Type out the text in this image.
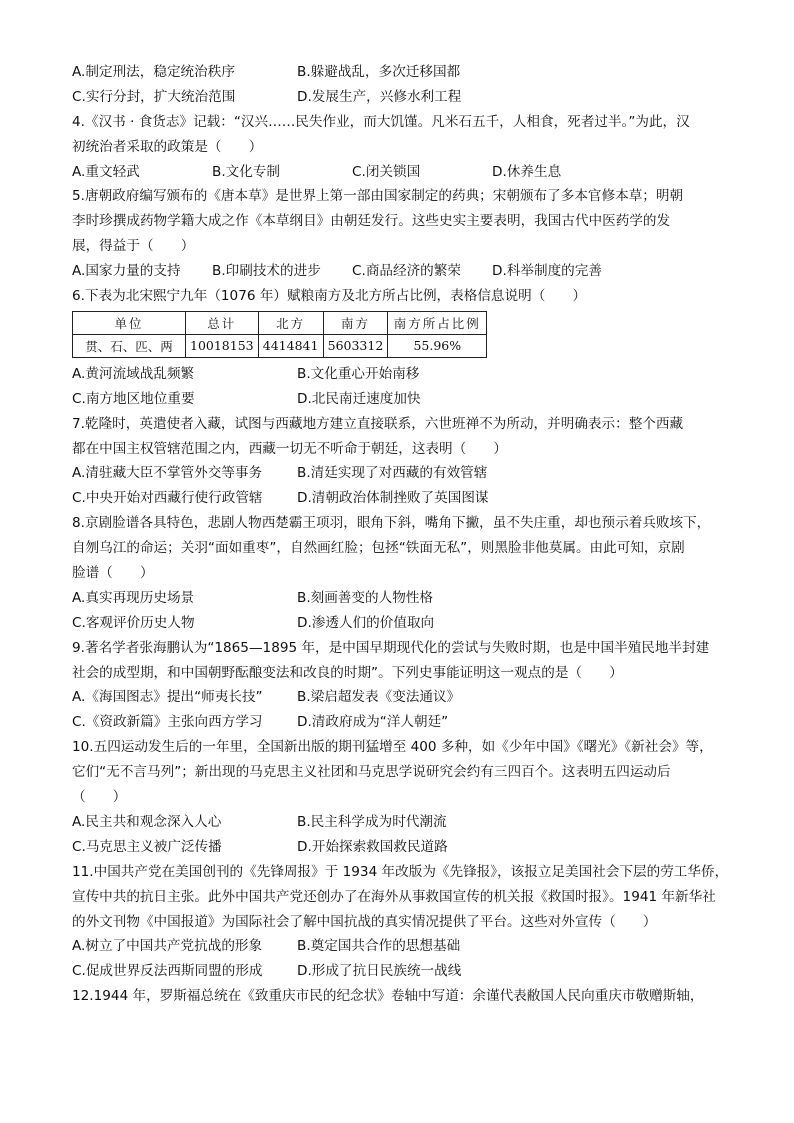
A.制定刑法，稳定统治秩序	B.躲避战乱，多次迁移国都
C.实行分封，扩大统治范围	D.发展生产，兴修水利工程
4.《汉书 · 食货志》记载：“汉兴……民失作业，而大饥馑。凡米石五千，人相食，死者过半。”为此，汉
初统治者采取的政策是（　　）
A.重文轻武	B.文化专制	C.闭关锁国	D.休养生息
5.唐朝政府编写颁布的《唐本草》是世界上第一部由国家制定的药典；宋朝颁布了多本官修本草；明朝
李时珍撰成药物学籍大成之作《本草纲目》由朝廷发行。这些史实主要表明，我国古代中医药学的发
展，得益于（　　）
A.国家力量的支持	B.印刷技术的进步	C.商品经济的繁荣	D.科举制度的完善
6.下表为北宋熙宁九年（1076 年）赋粮南方及北方所占比例，表格信息说明（　　）
单位	总计	北方	南方	南方所占比例
贯、石、匹、两	10018153	4414841	5603312	55.96%
A.黄河流域战乱频繁	B.文化重心开始南移
C.南方地区地位重要	D.北民南迁速度加快
7.乾隆时，英遣使者入藏，试图与西藏地方建立直接联系，六世班禅不为所动，并明确表示：整个西藏
都在中国主权管辖范围之内，西藏一切无不听命于朝廷，这表明（　　）
A.清驻藏大臣不掌管外交等事务	B.清廷实现了对西藏的有效管辖
C.中央开始对西藏行使行政管辖	D.清朝政治体制挫败了英国图谋
8.京剧脸谱各具特色，悲剧人物西楚霸王项羽，眼角下斜，嘴角下撇，虽不失庄重，却也预示着兵败垓下，
自刎乌江的命运；关羽“面如重枣”，自然画红脸；包拯“铁面无私”，则黑脸非他莫属。由此可知，京剧
脸谱（　　）
A.真实再现历史场景	B.刻画善变的人物性格
C.客观评价历史人物	D.渗透人们的价值取向
9.著名学者张海鹏认为“1865—1895 年，是中国早期现代化的尝试与失败时期，也是中国半殖民地半封建
社会的成型期，和中国朝野酝酿变法和改良的时期”。下列史事能证明这一观点的是（　　）
A.《海国图志》提出“师夷长技”	B.梁启超发表《变法通议》
C.《资政新篇》主张向西方学习	D.清政府成为“洋人朝廷”
10.五四运动发生后的一年里，全国新出版的期刊猛增至 400 多种，如《少年中国》《曙光》《新社会》等，
它们“无不言马列”；新出现的马克思主义社团和马克思学说研究会约有三四百个。这表明五四运动后
（　　）
A.民主共和观念深入人心	B.民主科学成为时代潮流
C.马克思主义被广泛传播	D.开始探索救国救民道路
11.中国共产党在美国创刊的《先锋周报》于 1934 年改版为《先锋报》，该报立足美国社会下层的劳工华侨，
宣传中共的抗日主张。此外中国共产党还创办了在海外从事救国宣传的机关报《救国时报》。1941 年新华社
的外文刊物《中国报道》为国际社会了解中国抗战的真实情况提供了平台。这些对外宣传（　　）
A.树立了中国共产党抗战的形象	B.奠定国共合作的思想基础
C.促成世界反法西斯同盟的形成	D.形成了抗日民族统一战线
12.1944 年，罗斯福总统在《致重庆市民的纪念状》卷轴中写道：余谨代表敝国人民向重庆市敬赠斯轴，
